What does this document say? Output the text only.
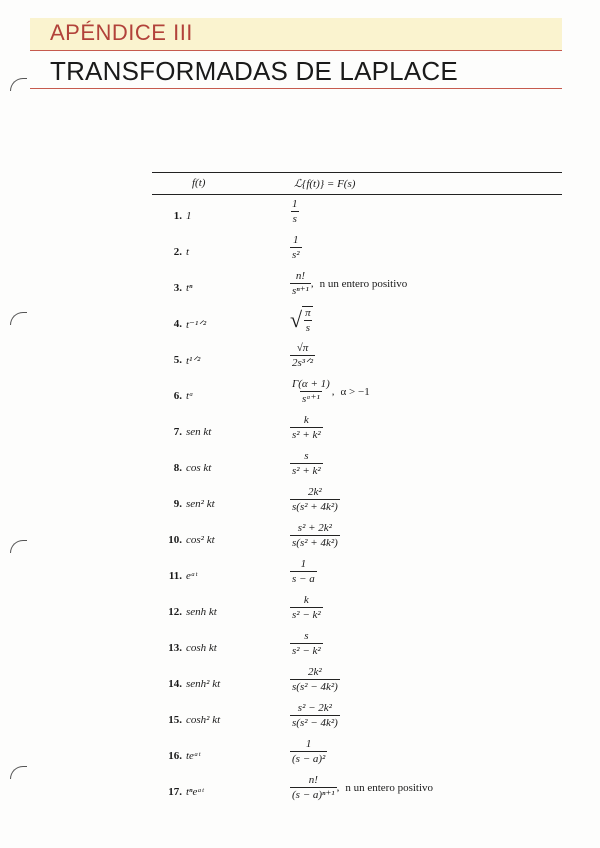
APÉNDICE III
TRANSFORMADAS DE LAPLACE
f(t)	ℒ{f(t)} = F(s)
1. 1	$\frac{1}{s}$
2. t	$\frac{1}{\text{s²}}$
3. tⁿ	$\frac{n!}{\text{sⁿ⁺¹}}$ , n un entero positivo
4. t⁻¹ᐟ²	√ $\frac{\pi}{s}$
5. t¹ᐟ²	$\frac{√\pi}{\text{2s³ᐟ²}}$
6. tᵅ	$\frac{\Gamma(\alpha + 1)}{\text{sᵅ⁺¹}}$ , α > −1
7. sen kt	$\frac{k}{\text{s² + k²}}$
8. cos kt	$\frac{s}{\text{s² + k²}}$
9. sen² kt	$\frac{\text{2k²}}{\text{s(s² + 4k²)}}$
10. cos² kt	$\frac{\text{s² + 2k²}}{\text{s(s² + 4k²)}}$
11. eᵃᵗ	$\frac{1}{s - a}$
12. senh kt	$\frac{k}{\text{s² − k²}}$
13. cosh kt	$\frac{s}{\text{s² − k²}}$
14. senh² kt	$\frac{\text{2k²}}{\text{s(s² − 4k²)}}$
15. cosh² kt	$\frac{\text{s² − 2k²}}{\text{s(s² − 4k²)}}$
16. teᵃᵗ	$\frac{1}{\text{(s − a)²}}$
17. tⁿeᵃᵗ	$\frac{n!}{\text{(s − a)ⁿ⁺¹}}$ , n un entero positivo
